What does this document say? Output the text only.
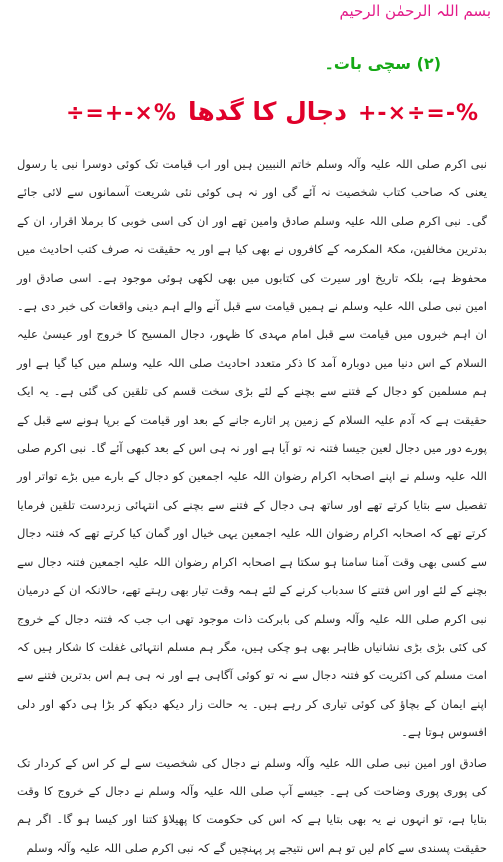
بسم اللہ الرحمٰن الرحیم
(۲) سچی بات۔
÷=+-×% دجال کا گدھا +-×÷=-%

نبی اکرم صلی اللہ علیہ وآلہ وسلم خاتم النبیین ہیں اور اب قیامت تک کوئی دوسرا نبی یا رسول یعنی کہ صاحب کتاب شخصیت نہ آئے گی اور نہ ہی کوئی نئی شریعت آسمانوں سے لائی جائے گی۔ نبی اکرم صلی اللہ علیہ وسلم صادق وامین تھے اور ان کی اسی خوبی کا برملا اقرار، ان کے بدترین مخالفین، مکۃ المکرمہ کے کافروں نے بھی کیا ہے اور یہ حقیقت نہ صرف کتب احادیث میں محفوظ ہے، بلکہ تاریخ اور سیرت کی کتابوں میں بھی لکھی ہوئی موجود ہے۔ اسی صادق اور امین نبی صلی اللہ علیہ وسلم نے ہمیں قیامت سے قبل آنے والے اہم دینی واقعات کی خبر دی ہے۔ ان اہم خبروں میں قیامت سے قبل امام مہدی کا ظہور، دجال المسیح کا خروج اور عیسیٰ علیہ السلام کے اس دنیا میں دوبارہ آمد کا ذکر متعدد احادیث صلی اللہ علیہ وسلم میں کیا گیا ہے اور ہم مسلمین کو دجال کے فتنے سے بچنے کے لئے بڑی سخت قسم کی تلقین کی گئی ہے۔ یہ ایک حقیقت ہے کہ آدم علیہ السلام کے زمین پر اتارے جانے کے بعد اور قیامت کے برپا ہونے سے قبل کے پورے دور میں دجال لعین جیسا فتنہ نہ تو آیا ہے اور نہ ہی اس کے بعد کبھی آئے گا۔ نبی اکرم صلی اللہ علیہ وسلم نے اپنے اصحابہ اکرام رضوان اللہ علیہ اجمعین کو دجال کے بارے میں بڑے تواتر اور تفصیل سے بتایا کرتے تھے اور ساتھ ہی دجال کے فتنے سے بچنے کی انتہائی زبردست تلقین فرمایا کرتے تھے کہ اصحابہ اکرام رضوان اللہ علیہ اجمعین یہی خیال اور گمان کیا کرتے تھے کہ فتنہ دجال سے کسی بھی وقت آمنا سامنا ہو سکتا ہے اصحابہ اکرام رضوان اللہ علیہ اجمعین فتنہ دجال سے بچنے کے لئے اور اس فتنے کا سدباب کرنے کے لئے ہمہ وقت تیار بھی رہتے تھے، حالانکہ ان کے درمیان نبی اکرم صلی اللہ علیہ وآلہ وسلم کی بابرکت ذات موجود تھی اب جب کہ فتنہ دجال کے خروج کی کئی بڑی بڑی نشانیاں ظاہر بھی ہو چکی ہیں، مگر ہم مسلم انتہائی غفلت کا شکار ہیں کہ امت مسلم کی اکثریت کو فتنہ دجال سے نہ تو کوئی آگاہی ہے اور نہ ہی ہم اس بدترین فتنے سے اپنے ایمان کے بچاؤ کی کوئی تیاری کر رہے ہیں۔ یہ حالت زار دیکھ دیکھ کر بڑا ہی دکھ اور دلی افسوس ہوتا ہے۔

صادق اور امین نبی صلی اللہ علیہ وآلہ وسلم نے دجال کی شخصیت سے لے کر اس کے کردار تک کی پوری پوری وضاحت کی ہے۔ جیسے آپ صلی اللہ علیہ وآلہ وسلم نے دجال کے خروج کا وقت بتایا ہے، تو انہوں نے یہ بھی بتایا ہے کہ اس کی حکومت کا پھیلاؤ کتنا اور کیسا ہو گا۔ اگر ہم حقیقت پسندی سے کام لیں تو ہم اس نتیجے پر پہنچیں گے کہ نبی اکرم صلی اللہ علیہ وآلہ وسلم
